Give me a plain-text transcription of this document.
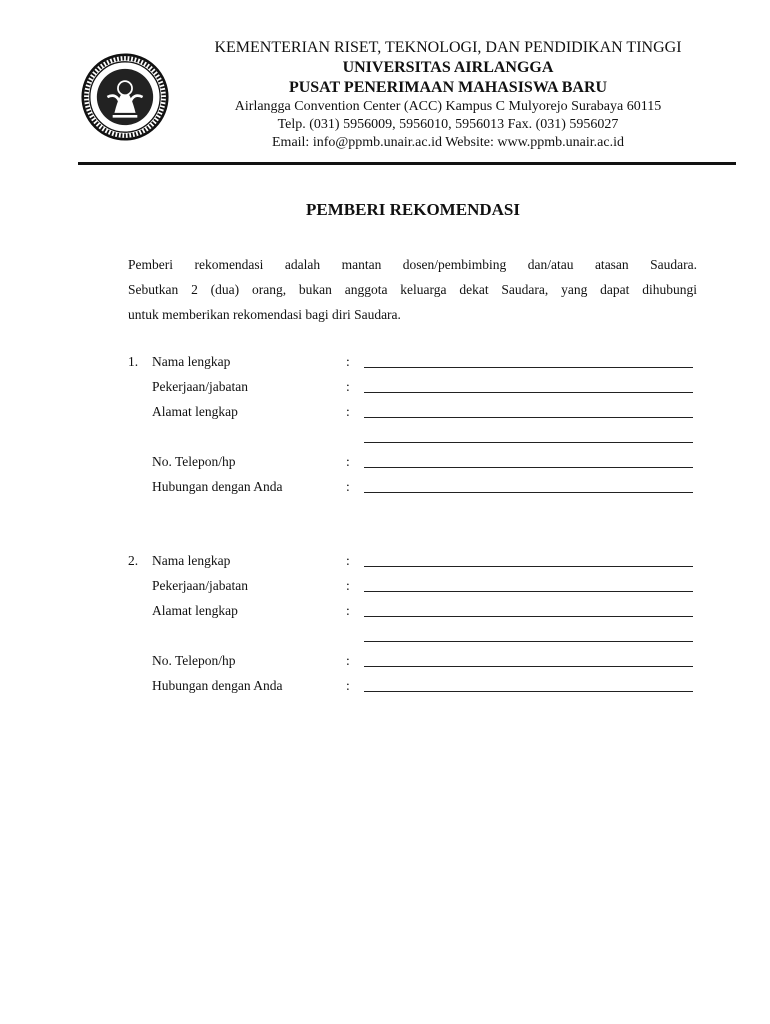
KEMENTERIAN RISET, TEKNOLOGI, DAN PENDIDIKAN TINGGI
UNIVERSITAS AIRLANGGA
PUSAT PENERIMAAN MAHASISWA BARU
Airlangga Convention Center (ACC) Kampus C Mulyorejo Surabaya 60115
Telp. (031) 5956009, 5956010, 5956013 Fax. (031) 5956027
Email: info@ppmb.unair.ac.id Website: www.ppmb.unair.ac.id
PEMBERI REKOMENDASI
Pemberi rekomendasi adalah mantan dosen/pembimbing dan/atau atasan Saudara.
Sebutkan 2 (dua) orang, bukan anggota keluarga dekat Saudara, yang dapat dihubungi
untuk memberikan rekomendasi bagi diri Saudara.
1. Nama lengkap	:
Pekerjaan/jabatan	:
Alamat lengkap	:
No. Telepon/hp	:
Hubungan dengan Anda	:
2. Nama lengkap	:
Pekerjaan/jabatan	:
Alamat lengkap	:
No. Telepon/hp	:
Hubungan dengan Anda	:
